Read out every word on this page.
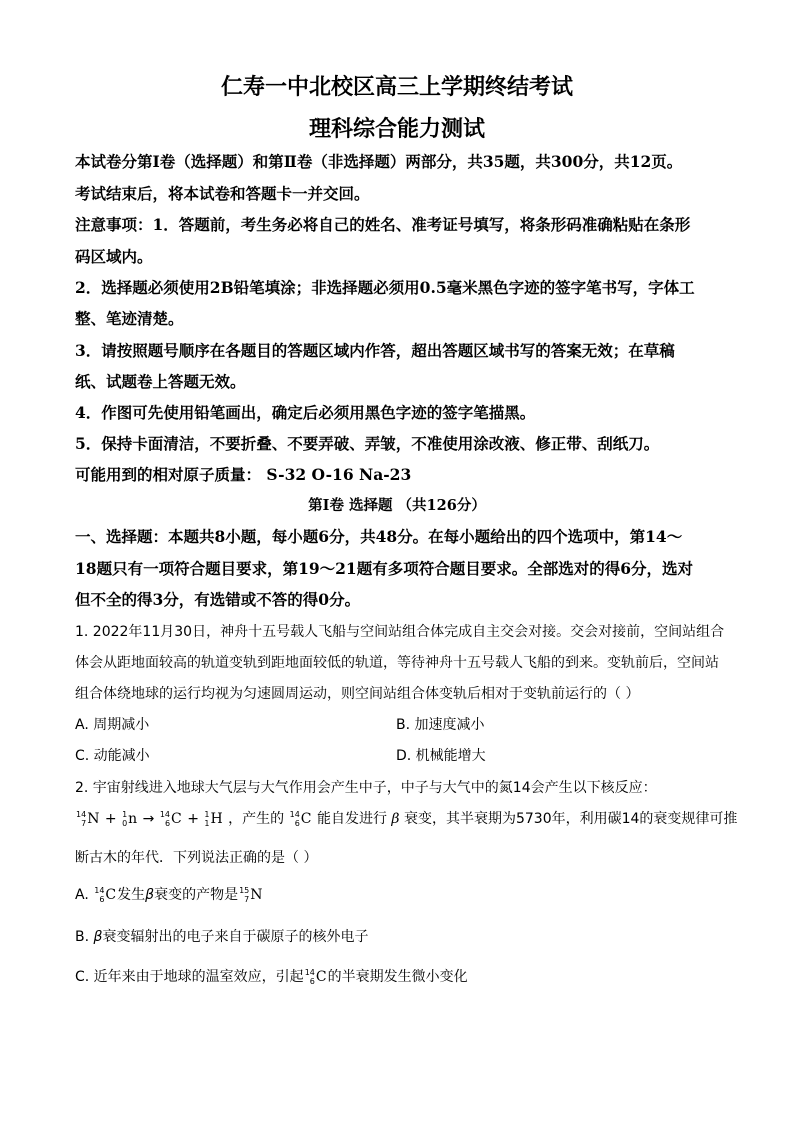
仁寿一中北校区高三上学期终结考试
理科综合能力测试
本试卷分第Ⅰ卷（选择题）和第Ⅱ卷（非选择题）两部分，共35题，共300分，共12页。
考试结束后，将本试卷和答题卡一并交回。
注意事项：1．答题前，考生务必将自己的姓名、准考证号填写，将条形码准确粘贴在条形
码区域内。
2．选择题必须使用2B铅笔填涂；非选择题必须用0.5毫米黑色字迹的签字笔书写，字体工
整、笔迹清楚。
3．请按照题号顺序在各题目的答题区域内作答，超出答题区域书写的答案无效；在草稿
纸、试题卷上答题无效。
4．作图可先使用铅笔画出，确定后必须用黑色字迹的签字笔描黑。
5．保持卡面清洁，不要折叠、不要弄破、弄皱，不准使用涂改液、修正带、刮纸刀。
可能用到的相对原子质量： S-32 O-16 Na-23
第Ⅰ卷 选择题 （共126分）
一、选择题：本题共8小题，每小题6分，共48分。在每小题给出的四个选项中，第14～
18题只有一项符合题目要求，第19～21题有多项符合题目要求。全部选对的得6分，选对
但不全的得3分，有选错或不答的得0分。
1. 2022年11月30日，神舟十五号载人飞船与空间站组合体完成自主交会对接。交会对接前，空间站组合
体会从距地面较高的轨道变轨到距地面较低的轨道，等待神舟十五号载人飞船的到来。变轨前后，空间站
组合体绕地球的运行均视为匀速圆周运动，则空间站组合体变轨后相对于变轨前运行的（ ）
A. 周期减小	B. 加速度减小
C. 动能减小	D. 机械能增大
2. 宇宙射线进入地球大气层与大气作用会产生中子，中子与大气中的氮14会产生以下核反应：
14
7 N + 1
0 n → 14
6 C + 1
1 H ，产生的 14
6 C 能自发进行 β 衰变，其半衰期为5730年，利用碳14的衰变规律可推
断古木的年代．下列说法正确的是（ ）
A. 14
6 C发生β衰变的产物是 15
7 N
B. β衰变辐射出的电子来自于碳原子的核外电子
C. 近年来由于地球的温室效应，引起 14
6 C的半衰期发生微小变化
